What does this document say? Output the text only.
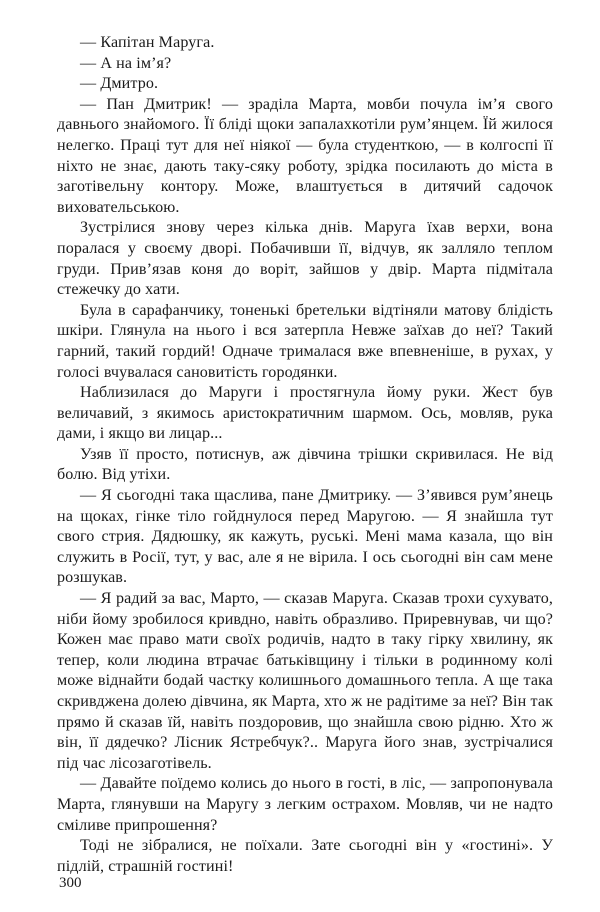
— Капітан Маруга.

— А на ім’я?

— Дмитро.

— Пан Дмитрик! — зраділа Марта, мовби почула ім’я свого давнього знайомого. Її бліді щоки запалахкотіли рум’янцем. Їй жилося нелегко. Праці тут для неї ніякої — була студенткою, — в колгоспі її ніхто не знає, дають таку-сяку роботу, зрідка посилають до міста в заготівельну контору. Може, влаштується в дитячий садочок виховательською.

Зустрілися знову через кілька днів. Маруга їхав верхи, вона поралася у своєму дворі. Побачивши її, відчув, як залляло теплом груди. Прив’язав коня до воріт, зайшов у двір. Марта підмітала стежечку до хати.

Була в сарафанчику, тоненькі бретельки відтіняли матову блідість шкіри. Глянула на нього і вся затерпла Невже заїхав до неї? Такий гарний, такий гордий! Одначе трималася вже впевненіше, в рухах, у голосі вчувалася сановитість городянки.

Наблизилася до Маруги і простягнула йому руки. Жест був величавий, з якимось аристократичним шармом. Ось, мовляв, рука дами, і якщо ви лицар...

Узяв її просто, потиснув, аж дівчина трішки скривилася. Не від болю. Від утіхи.

— Я сьогодні така щаслива, пане Дмитрику. — З’явився рум’янець на щоках, гінке тіло гойднулося перед Маругою. — Я знайшла тут свого стрия. Дядюшку, як кажуть, руські. Мені мама казала, що він служить в Росії, тут, у вас, але я не вірила. І ось сьогодні він сам мене розшукав.

— Я радий за вас, Марто, — сказав Маруга. Сказав трохи сухувато, ніби йому зробилося кривдно, навіть образливо. Приревнував, чи що? Кожен має право мати своїх родичів, надто в таку гірку хвилину, як тепер, коли людина втрачає батьківщину і тільки в родинному колі може віднайти бодай частку колишнього домашнього тепла. А ще така скривджена долею дівчина, як Марта, хто ж не радітиме за неї? Він так прямо й сказав їй, навіть поздоровив, що знайшла свою рідню. Хто ж він, її дядечко? Лісник Ястребчук?.. Маруга його знав, зустрічалися під час лісозаготівель.

— Давайте поїдемо колись до нього в гості, в ліс, — запропонувала Марта, глянувши на Маругу з легким острахом. Мовляв, чи не надто сміливе припрошення?

Тоді не зібралися, не поїхали. Зате сьогодні він у «гостині». У підлій, страшній гостині!

300
